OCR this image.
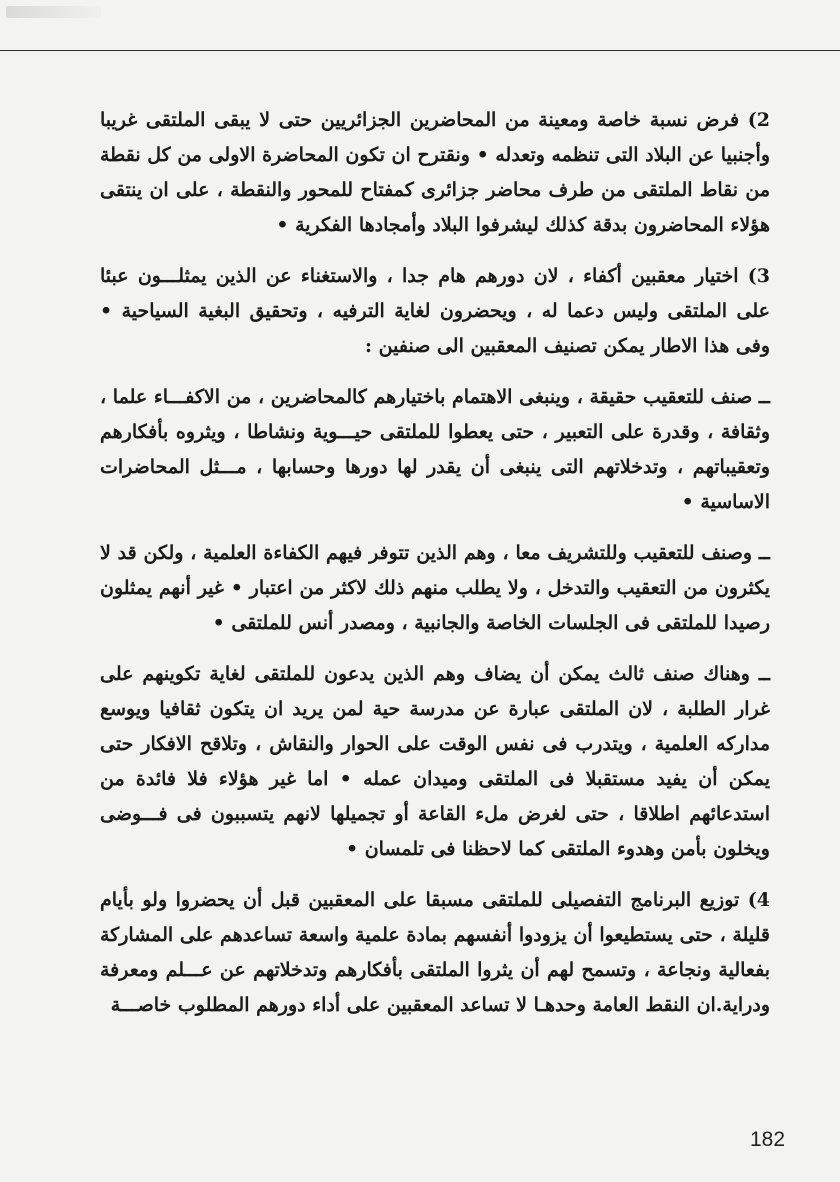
2) فرض نسبة خاصة ومعينة من المحاضرين الجزائريين حتى لا يبقى الملتقى غريبا وأجنبيا عن البلاد التى تنظمه وتعدله • ونقترح ان تكون المحاضرة الاولى من كل نقطة من نقاط الملتقى من طرف محاضر جزائرى كمفتاح للمحور والنقطة ، على ان ينتقى هؤلاء المحاضرون بدقة كذلك ليشرفوا البلاد وأمجادها الفكرية •

3) اختيار معقبين أكفاء ، لان دورهم هام جدا ، والاستغناء عن الذين يمثلـــون عبئا على الملتقى وليس دعما له ، ويحضرون لغاية الترفيه ، وتحقيق البغية السياحية • وفى هذا الاطار يمكن تصنيف المعقبين الى صنفين :

ــ صنف للتعقيب حقيقة ، وينبغى الاهتمام باختيارهم كالمحاضرين ، من الاكفـــاء علما ، وثقافة ، وقدرة على التعبير ، حتى يعطوا للملتقى حيـــوية ونشاطا ، ويثروه بأفكارهم وتعقيباتهم ، وتدخلاتهم التى ينبغى أن يقدر لها دورها وحسابها ، مـــثل المحاضرات الاساسية •

ــ وصنف للتعقيب وللتشريف معا ، وهم الذين تتوفر فيهم الكفاءة العلمية ، ولكن قد لا يكثرون من التعقيب والتدخل ، ولا يطلب منهم ذلك لاكثر من اعتبار • غير أنهم يمثلون رصيدا للملتقى فى الجلسات الخاصة والجانبية ، ومصدر أنس للملتقى •

ــ وهناك صنف ثالث يمكن أن يضاف وهم الذين يدعون للملتقى لغاية تكوينهم على غرار الطلبة ، لان الملتقى عبارة عن مدرسة حية لمن يريد ان يتكون ثقافيا ويوسع مداركه العلمية ، ويتدرب فى نفس الوقت على الحوار والنقاش ، وتلاقح الافكار حتى يمكن أن يفيد مستقبلا فى الملتقى وميدان عمله • اما غير هؤلاء فلا فائدة من استدعائهم اطلاقا ، حتى لغرض ملء القاعة أو تجميلها لانهم يتسببون فى فـــوضى ويخلون بأمن وهدوء الملتقى كما لاحظنا فى تلمسان •

4) توزيع البرنامج التفصيلى للملتقى مسبقا على المعقبين قبل أن يحضروا ولو بأيام قليلة ، حتى يستطيعوا أن يزودوا أنفسهم بمادة علمية واسعة تساعدهم على المشاركة بفعالية ونجاعة ، وتسمح لهم أن يثروا الملتقى بأفكارهم وتدخلاتهم عن عـــلم ومعرفة ودراية.ان النقط العامة وحدهـا لا تساعد المعقبين على أداء دورهم المطلوب خاصـــة

182
